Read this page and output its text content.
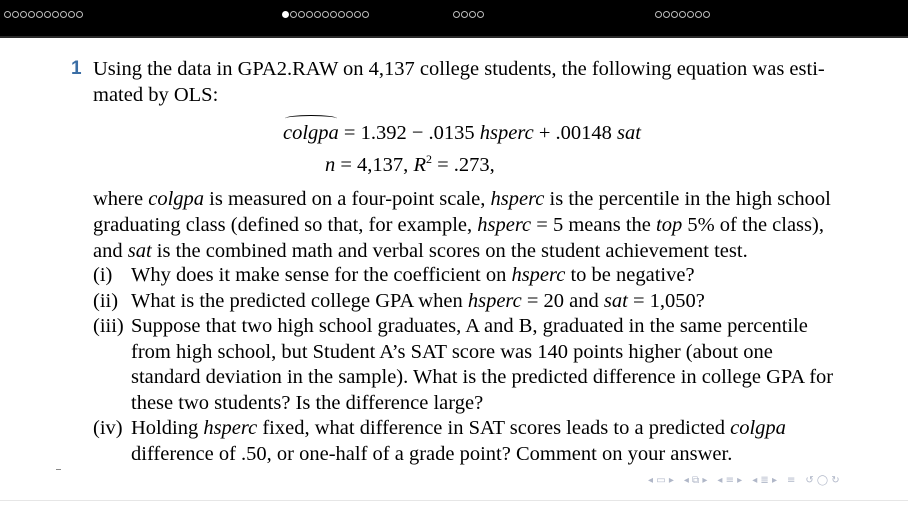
1 Using the data in GPA2.RAW on 4,137 college students, the following equation was esti-
mated by OLS:
colgpa = 1.392 − .0135 hsperc + .00148 sat
n = 4,137, $R^2 = .273$,
where colgpa is measured on a four-point scale, hsperc is the percentile in the high school graduating class (defined so that, for example, hsperc = 5 means the top 5% of the class), and sat is the combined math and verbal scores on the student achievement test.
(i) Why does it make sense for the coefficient on hsperc to be negative?
(ii) What is the predicted college GPA when hsperc = 20 and sat = 1,050?
(iii) Suppose that two high school graduates, A and B, graduated in the same percentile from high school, but Student A’s SAT score was 140 points higher (about one standard deviation in the sample). What is the predicted difference in college GPA for these two students? Is the difference large?
(iv) Holding hsperc fixed, what difference in SAT scores leads to a predicted colgpa difference of .50, or one-half of a grade point? Comment on your answer.
◂ ▭ ▸ ◂ ⧉ ▸ ◂ ≡ ▸ ◂ ≣ ▸ ≡ ↺ ◯ ↻
